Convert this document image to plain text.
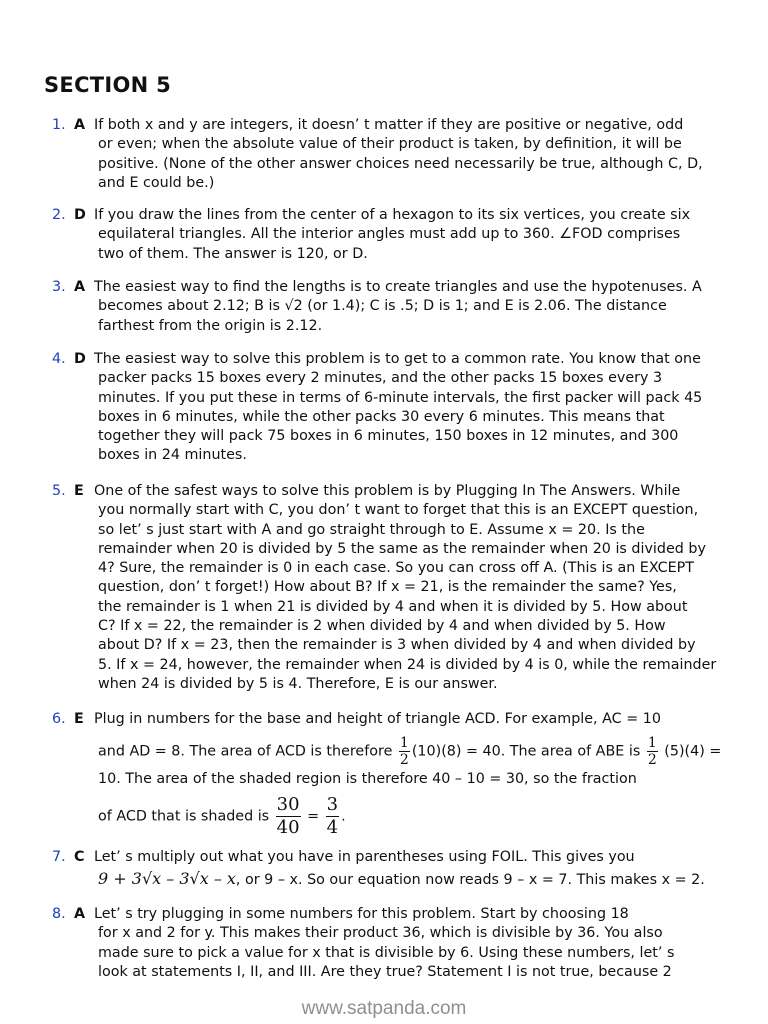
SECTION 5
1. A If both x and y are integers, it doesn’ t matter if they are positive or negative, odd
or even; when the absolute value of their product is taken, by definition, it will be
positive. (None of the other answer choices need necessarily be true, although C, D,
and E could be.)
2. D If you draw the lines from the center of a hexagon to its six vertices, you create six
equilateral triangles. All the interior angles must add up to 360. ∠FOD comprises
two of them. The answer is 120, or D.
3. A The easiest way to find the lengths is to create triangles and use the hypotenuses. A
becomes about 2.12; B is √2 (or 1.4); C is .5; D is 1; and E is 2.06. The distance
farthest from the origin is 2.12.
4. D The easiest way to solve this problem is to get to a common rate. You know that one
packer packs 15 boxes every 2 minutes, and the other packs 15 boxes every 3
minutes. If you put these in terms of 6-minute intervals, the first packer will pack 45
boxes in 6 minutes, while the other packs 30 every 6 minutes. This means that
together they will pack 75 boxes in 6 minutes, 150 boxes in 12 minutes, and 300
boxes in 24 minutes.
5. E One of the safest ways to solve this problem is by Plugging In The Answers. While
you normally start with C, you don’ t want to forget that this is an EXCEPT question,
so let’ s just start with A and go straight through to E. Assume x = 20. Is the
remainder when 20 is divided by 5 the same as the remainder when 20 is divided by
4? Sure, the remainder is 0 in each case. So you can cross off A. (This is an EXCEPT
question, don’ t forget!) How about B? If x = 21, is the remainder the same? Yes,
the remainder is 1 when 21 is divided by 4 and when it is divided by 5. How about
C? If x = 22, the remainder is 2 when divided by 4 and when divided by 5. How
about D? If x = 23, then the remainder is 3 when divided by 4 and when divided by
5. If x = 24, however, the remainder when 24 is divided by 4 is 0, while the remainder
when 24 is divided by 5 is 4. Therefore, E is our answer.
6. E Plug in numbers for the base and height of triangle ACD. For example, AC = 10
and AD = 8. The area of ACD is therefore $\frac{1}{2} (10)(8) = 40$. The area of ABE is $\frac{1}{2} (5)(4)$ =
10. The area of the shaded region is therefore 40 – 10 = 30, so the fraction
of ACD that is shaded is $\frac{30}{40} = \frac{3}{4}$ .
7. C Let’ s multiply out what you have in parentheses using FOIL. This gives you
9 + 3√x – 3√x – x, or 9 – x. So our equation now reads 9 – x = 7. This makes x = 2.
8. A Let’ s try plugging in some numbers for this problem. Start by choosing 18
for x and 2 for y. This makes their product 36, which is divisible by 36. You also
made sure to pick a value for x that is divisible by 6. Using these numbers, let’ s
look at statements I, II, and III. Are they true? Statement I is not true, because 2
www.satpanda.com
